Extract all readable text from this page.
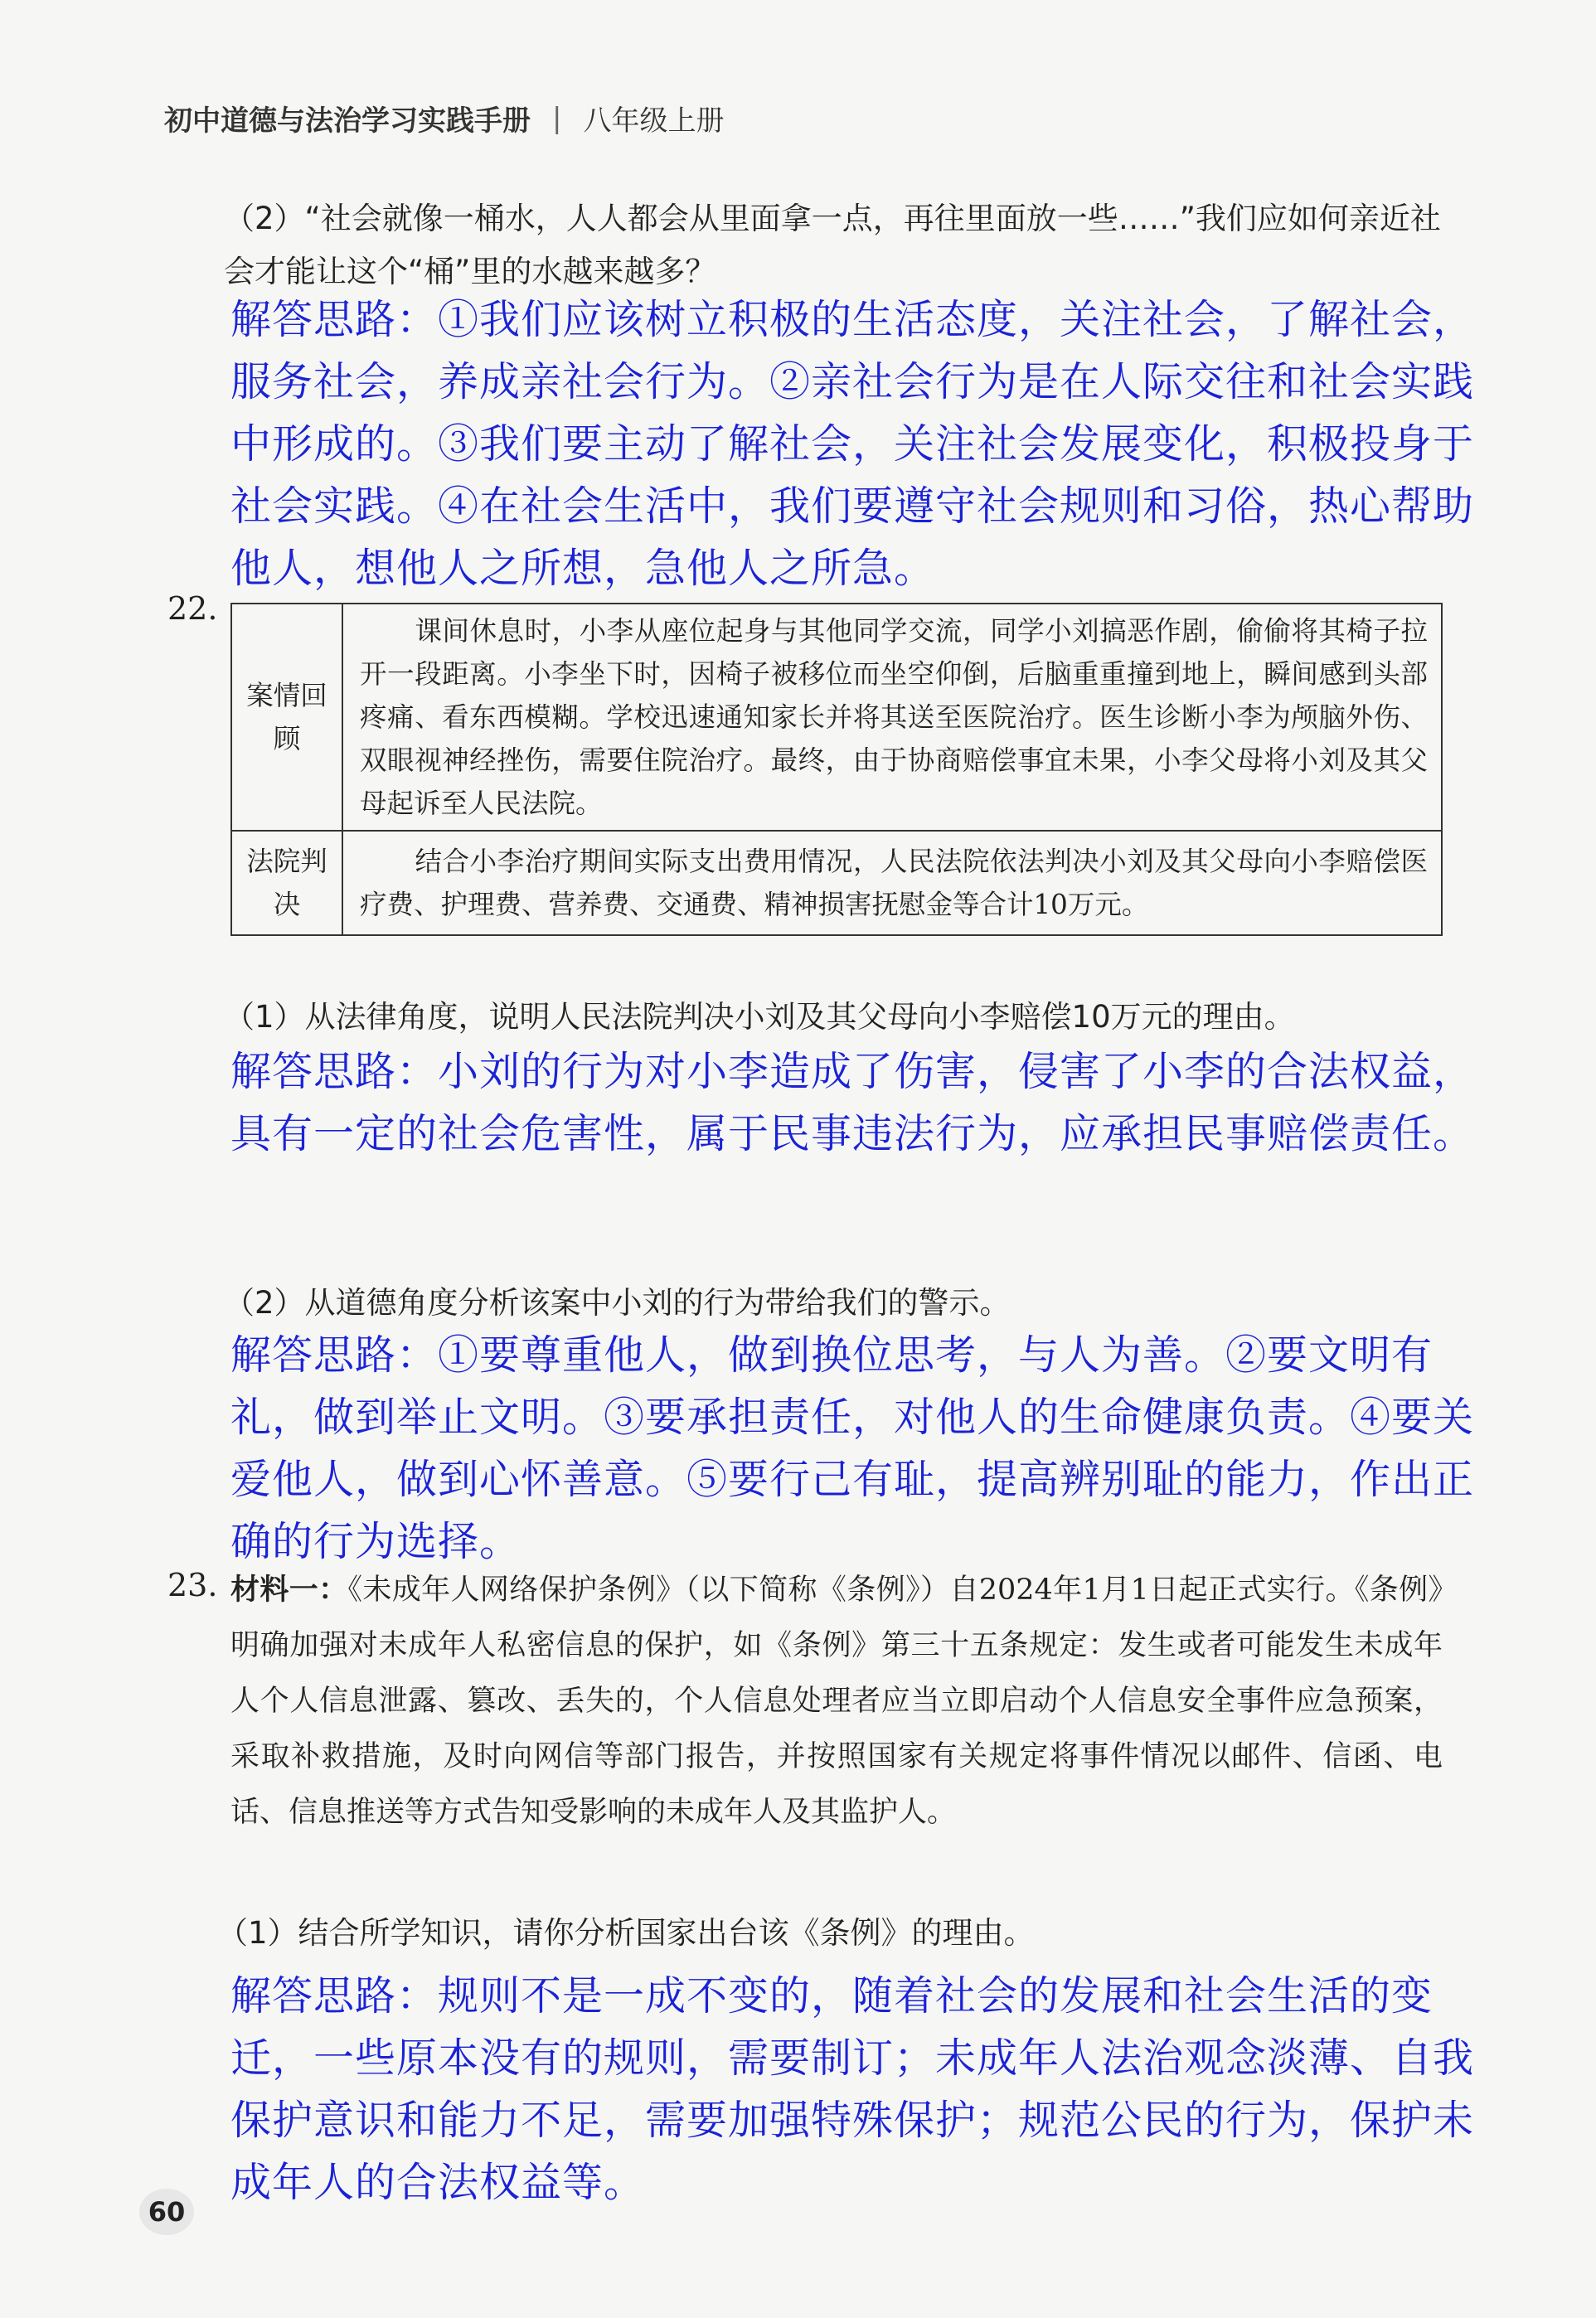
初中道德与法治学习实践手册 | 八年级上册
（2）“社会就像一桶水，人人都会从里面拿一点，再往里面放一些……”我们应如何亲近社会才能让这个“桶”里的水越来越多？
解答思路：①我们应该树立积极的生活态度，关注社会，了解社会，服务社会，养成亲社会行为。②亲社会行为是在人际交往和社会实践中形成的。③我们要主动了解社会，关注社会发展变化，积极投身于社会实践。④在社会生活中，我们要遵守社会规则和习俗，热心帮助他人，想他人之所想，急他人之所急。
22.
案情回顾	课间休息时，小李从座位起身与其他同学交流，同学小刘搞恶作剧，偷偷将其椅子拉开一段距离。小李坐下时，因椅子被移位而坐空仰倒，后脑重重撞到地上，瞬间感到头部疼痛、看东西模糊。学校迅速通知家长并将其送至医院治疗。医生诊断小李为颅脑外伤、双眼视神经挫伤，需要住院治疗。最终，由于协商赔偿事宜未果，小李父母将小刘及其父母起诉至人民法院。
法院判决	结合小李治疗期间实际支出费用情况，人民法院依法判决小刘及其父母向小李赔偿医疗费、护理费、营养费、交通费、精神损害抚慰金等合计10万元。
（1）从法律角度，说明人民法院判决小刘及其父母向小李赔偿10万元的理由。
解答思路：小刘的行为对小李造成了伤害，侵害了小李的合法权益，具有一定的社会危害性，属于民事违法行为，应承担民事赔偿责任。
（2）从道德角度分析该案中小刘的行为带给我们的警示。
解答思路：①要尊重他人，做到换位思考，与人为善。②要文明有礼，做到举止文明。③要承担责任，对他人的生命健康负责。④要关爱他人，做到心怀善意。⑤要行己有耻，提高辨别耻的能力，作出正确的行为选择。
23. 材料一：《未成年人网络保护条例》（以下简称《条例》）自2024年1月1日起正式实行。《条例》明确加强对未成年人私密信息的保护，如《条例》第三十五条规定：发生或者可能发生未成年人个人信息泄露、篡改、丢失的，个人信息处理者应当立即启动个人信息安全事件应急预案，采取补救措施，及时向网信等部门报告，并按照国家有关规定将事件情况以邮件、信函、电话、信息推送等方式告知受影响的未成年人及其监护人。
（1）结合所学知识，请你分析国家出台该《条例》的理由。
解答思路：规则不是一成不变的，随着社会的发展和社会生活的变迁，一些原本没有的规则，需要制订；未成年人法治观念淡薄、自我保护意识和能力不足，需要加强特殊保护；规范公民的行为，保护未成年人的合法权益等。
60
